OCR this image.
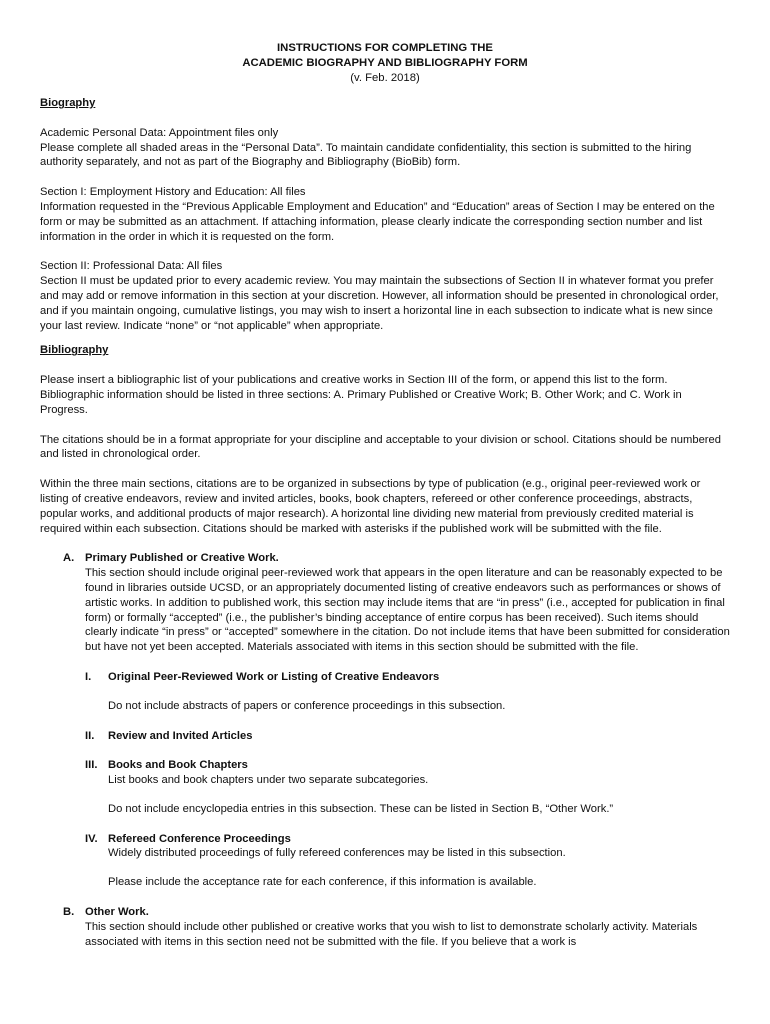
INSTRUCTIONS FOR COMPLETING THE
ACADEMIC BIOGRAPHY AND BIBLIOGRAPHY FORM
(v. Feb. 2018)
Biography

Academic Personal Data: Appointment files only

Please complete all shaded areas in the “Personal Data”. To maintain candidate confidentiality, this section is submitted to the hiring authority separately, and not as part of the Biography and Bibliography (BioBib) form.

Section I: Employment History and Education: All files

Information requested in the “Previous Applicable Employment and Education” and “Education” areas of Section I may be entered on the form or may be submitted as an attachment. If attaching information, please clearly indicate the corresponding section number and list information in the order in which it is requested on the form.

Section II: Professional Data: All files

Section II must be updated prior to every academic review. You may maintain the subsections of Section II in whatever format you prefer and may add or remove information in this section at your discretion. However, all information should be presented in chronological order, and if you maintain ongoing, cumulative listings, you may wish to insert a horizontal line in each subsection to indicate what is new since your last review. Indicate “none” or “not applicable” when appropriate.

Bibliography

Please insert a bibliographic list of your publications and creative works in Section III of the form, or append this list to the form. Bibliographic information should be listed in three sections: A. Primary Published or Creative Work; B. Other Work; and C. Work in Progress.

The citations should be in a format appropriate for your discipline and acceptable to your division or school. Citations should be numbered and listed in chronological order.

Within the three main sections, citations are to be organized in subsections by type of publication (e.g., original peer-reviewed work or listing of creative endeavors, review and invited articles, books, book chapters, refereed or other conference proceedings, abstracts, popular works, and additional products of major research). A horizontal line dividing new material from previously credited material is required within each subsection. Citations should be marked with asterisks if the published work will be submitted with the file.

A. Primary Published or Creative Work.

This section should include original peer-reviewed work that appears in the open literature and can be reasonably expected to be found in libraries outside UCSD, or an appropriately documented listing of creative endeavors such as performances or shows of artistic works. In addition to published work, this section may include items that are “in press” (i.e., accepted for publication in final form) or formally “accepted” (i.e., the publisher’s binding acceptance of entire corpus has been received). Such items should clearly indicate “in press” or “accepted” somewhere in the citation. Do not include items that have been submitted for consideration but have not yet been accepted. Materials associated with items in this section should be submitted with the file.

I. Original Peer-Reviewed Work or Listing of Creative Endeavors

Do not include abstracts of papers or conference proceedings in this subsection.

II. Review and Invited Articles
III. Books and Book Chapters

List books and book chapters under two separate subcategories.

Do not include encyclopedia entries in this subsection. These can be listed in Section B, “Other Work.”

IV. Refereed Conference Proceedings

Widely distributed proceedings of fully refereed conferences may be listed in this subsection.

Please include the acceptance rate for each conference, if this information is available.

B. Other Work.

This section should include other published or creative works that you wish to list to demonstrate scholarly activity. Materials associated with items in this section need not be submitted with the file. If you believe that a work is
